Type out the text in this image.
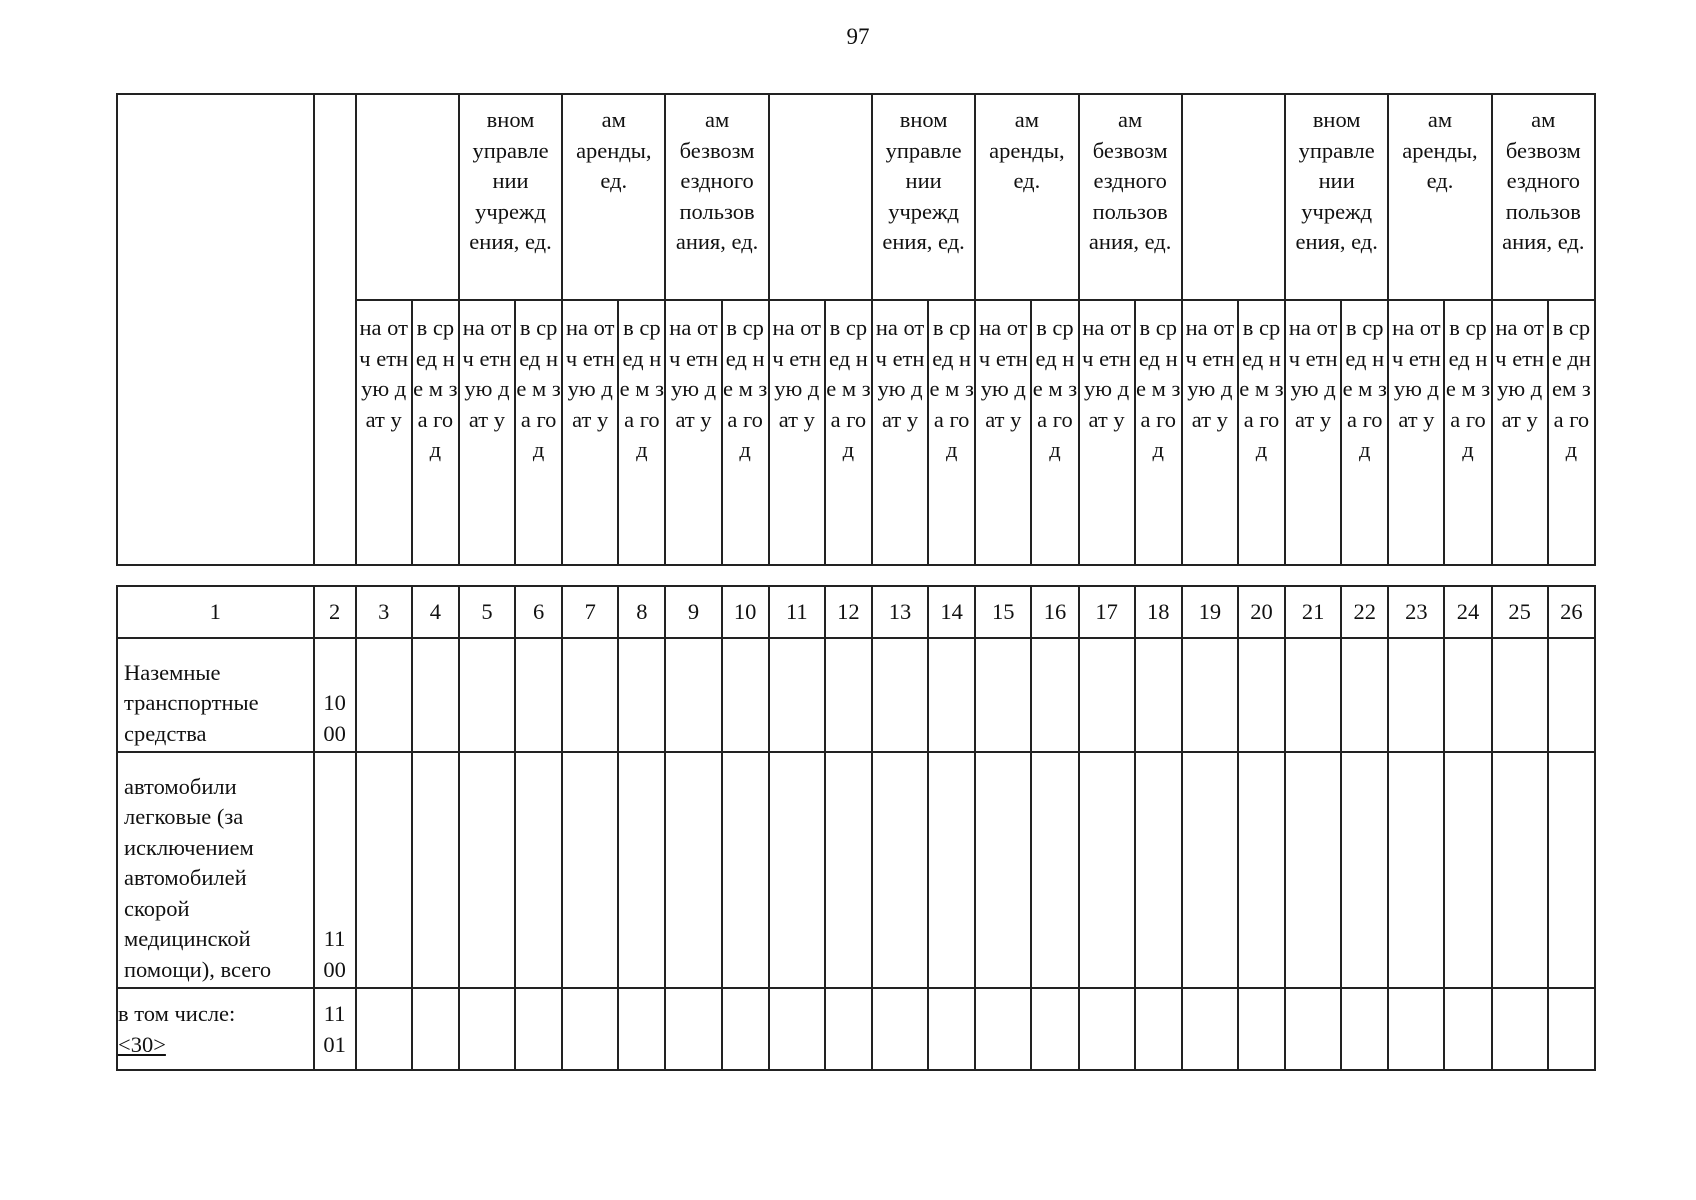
97
				вном управле нии учрежд ения, ед.		ам аренды, ед.		ам безвозм ездного пользов ания, ед.				вном управле нии учрежд ения, ед.		ам аренды, ед.		ам безвозм ездного пользов ания, ед.				вном управле нии учрежд ения, ед.		ам аренды, ед.		ам безвозм ездного пользов ания, ед.	
		на отч етн ую дат у	в ср ед не м за го д	на отч етн ую дат у	в ср ед не м за го д	на отч етн ую дат у	в ср ед не м за го д	на отч етн ую дат у	в ср ед не м за го д	на отч етн ую дат у	в ср ед не м за го д	на отч етн ую дат у	в ср ед не м за го д	на отч етн ую дат у	в ср ед не м за го д	на отч етн ую дат у	в ср ед не м за го д	на отч етн ую дат у	в ср ед не м за го д	на отч етн ую дат у	в ср ед не м за го д	на отч етн ую дат у	в ср ед не м за го д	на отч етн ую дат у	в сре дн ем за год
1	2	3	4	5	6	7	8	9	10	11	12	13	14	15	16	17	18	19	20	21	22	23	24	25	26
Наземные транспортные средства	10 00																								
автомобили легковые (за исключением автомобилей скорой медицинской помощи), всего	11 00																								
в том числе:
<30>	11 01																								
